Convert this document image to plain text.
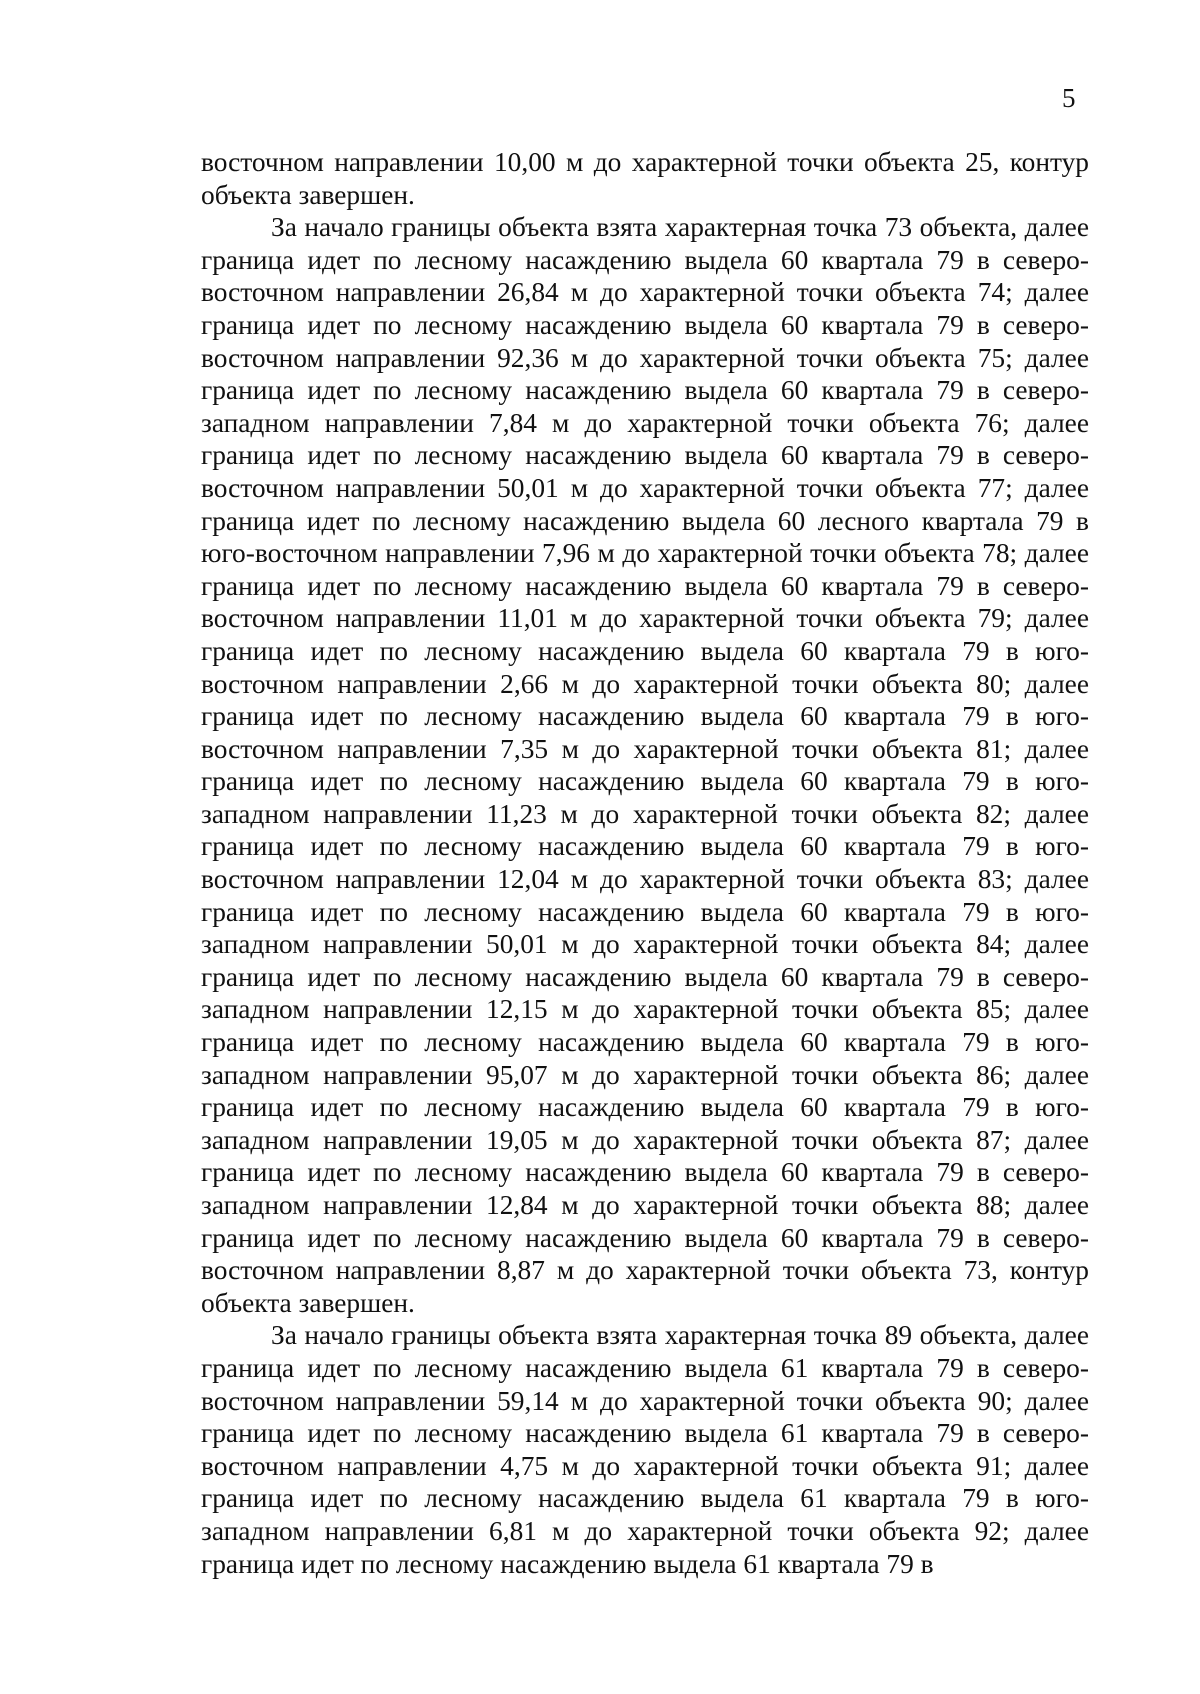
5

восточном направлении 10,00 м до характерной точки объекта 25, контур объекта завершен.

За начало границы объекта взята характерная точка 73 объекта, далее граница идет по лесному насаждению выдела 60 квартала 79 в северо-восточном направлении 26,84 м до характерной точки объекта 74; далее граница идет по лесному насаждению выдела 60 квартала 79 в северо-восточном направлении 92,36 м до характерной точки объекта 75; далее граница идет по лесному насаждению выдела 60 квартала 79 в северо-западном направлении 7,84 м до характерной точки объекта 76; далее граница идет по лесному насаждению выдела 60 квартала 79 в северо-восточном направлении 50,01 м до характерной точки объекта 77; далее граница идет по лесному насаждению выдела 60 лесного квартала 79 в юго-восточном направлении 7,96 м до характерной точки объекта 78; далее граница идет по лесному насаждению выдела 60 квартала 79 в северо-восточном направлении 11,01 м до характерной точки объекта 79; далее граница идет по лесному насаждению выдела 60 квартала 79 в юго-восточном направлении 2,66 м до характерной точки объекта 80; далее граница идет по лесному насаждению выдела 60 квартала 79 в юго-восточном направлении 7,35 м до характерной точки объекта 81; далее граница идет по лесному насаждению выдела 60 квартала 79 в юго-западном направлении 11,23 м до характерной точки объекта 82; далее граница идет по лесному насаждению выдела 60 квартала 79 в юго-восточном направлении 12,04 м до характерной точки объекта 83; далее граница идет по лесному насаждению выдела 60 квартала 79 в юго-западном направлении 50,01 м до характерной точки объекта 84; далее граница идет по лесному насаждению выдела 60 квартала 79 в северо-западном направлении 12,15 м до характерной точки объекта 85; далее граница идет по лесному насаждению выдела 60 квартала 79 в юго-западном направлении 95,07 м до характерной точки объекта 86; далее граница идет по лесному насаждению выдела 60 квартала 79 в юго-западном направлении 19,05 м до характерной точки объекта 87; далее граница идет по лесному насаждению выдела 60 квартала 79 в северо-западном направлении 12,84 м до характерной точки объекта 88; далее граница идет по лесному насаждению выдела 60 квартала 79 в северо-восточном направлении 8,87 м до характерной точки объекта 73, контур объекта завершен.

За начало границы объекта взята характерная точка 89 объекта, далее граница идет по лесному насаждению выдела 61 квартала 79 в северо-восточном направлении 59,14 м до характерной точки объекта 90; далее граница идет по лесному насаждению выдела 61 квартала 79 в северо-восточном направлении 4,75 м до характерной точки объекта 91; далее граница идет по лесному насаждению выдела 61 квартала 79 в юго-западном направлении 6,81 м до характерной точки объекта 92; далее граница идет по лесному насаждению выдела 61 квартала 79 в
